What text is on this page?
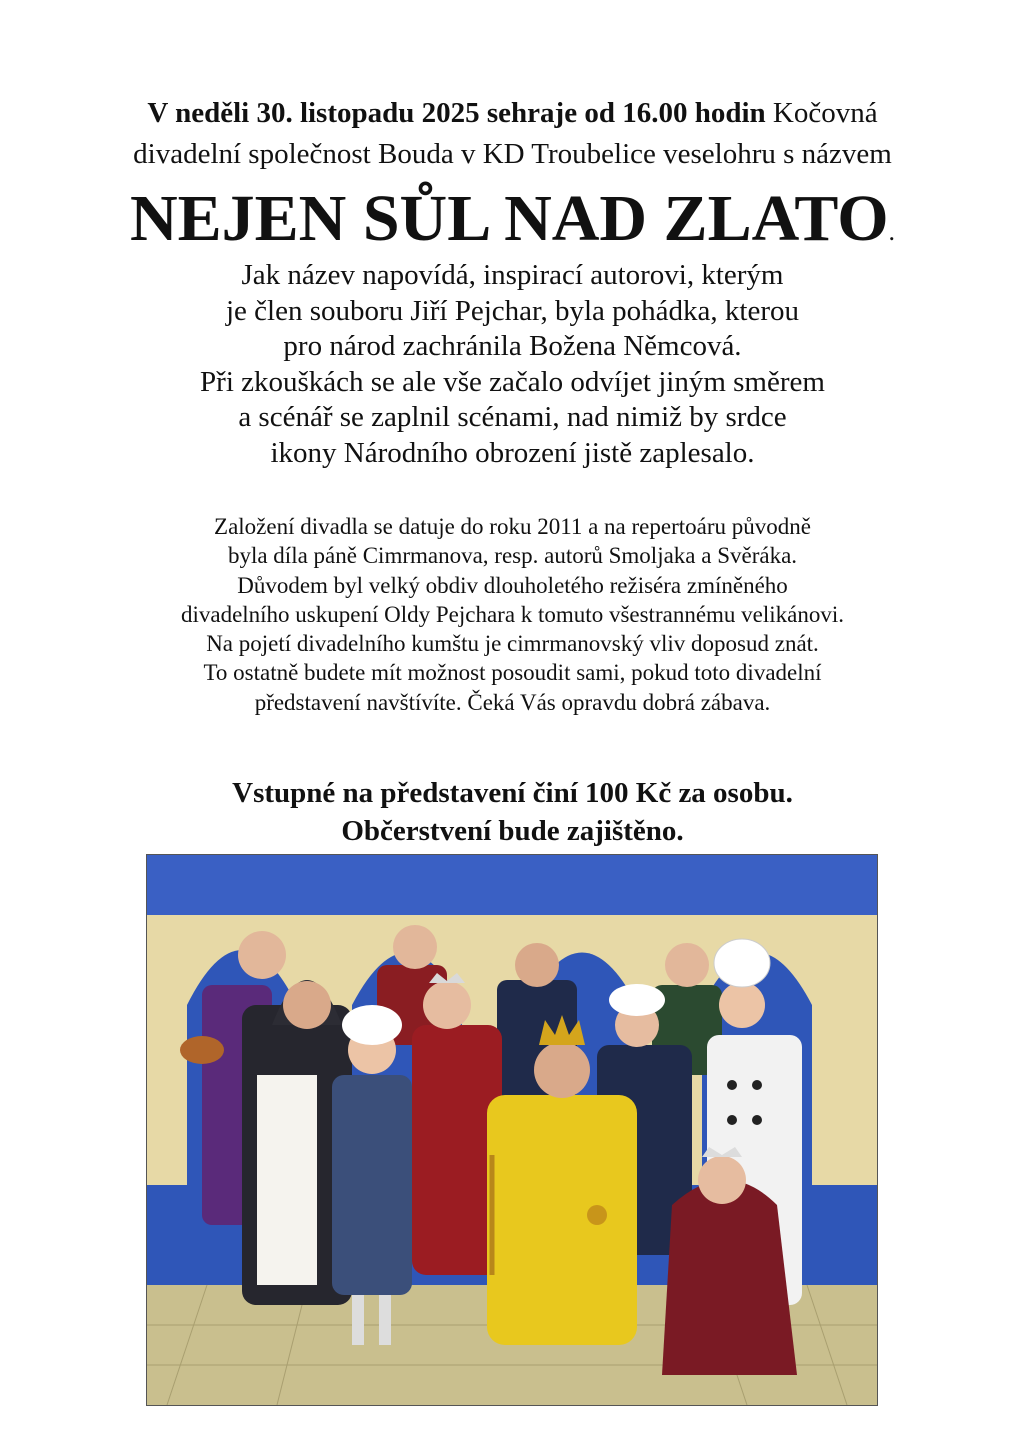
V neděli 30. listopadu 2025 sehraje od 16.00 hodin Kočovná
divadelní společnost Bouda v KD Troubelice veselohru s názvem
NEJEN SŮL NAD ZLATO.
Jak název napovídá, inspirací autorovi, kterým
je člen souboru Jiří Pejchar, byla pohádka, kterou
pro národ zachránila Božena Němcová.
Při zkouškách se ale vše začalo odvíjet jiným směrem
a scénář se zaplnil scénami, nad nimiž by srdce
ikony Národního obrození jistě zaplesalo.
Založení divadla se datuje do roku 2011 a na repertoáru původně
byla díla páně Cimrmanova, resp. autorů Smoljaka a Svěráka.
Důvodem byl velký obdiv dlouholetého režiséra zmíněného
divadelního uskupení Oldy Pejchara k tomuto všestrannému velikánovi.
Na pojetí divadelního kumštu je cimrmanovský vliv doposud znát.
To ostatně budete mít možnost posoudit sami, pokud toto divadelní
představení navštívíte. Čeká Vás opravdu dobrá zábava.
Vstupné na představení činí 100 Kč za osobu.
Občerstvení bude zajištěno.
